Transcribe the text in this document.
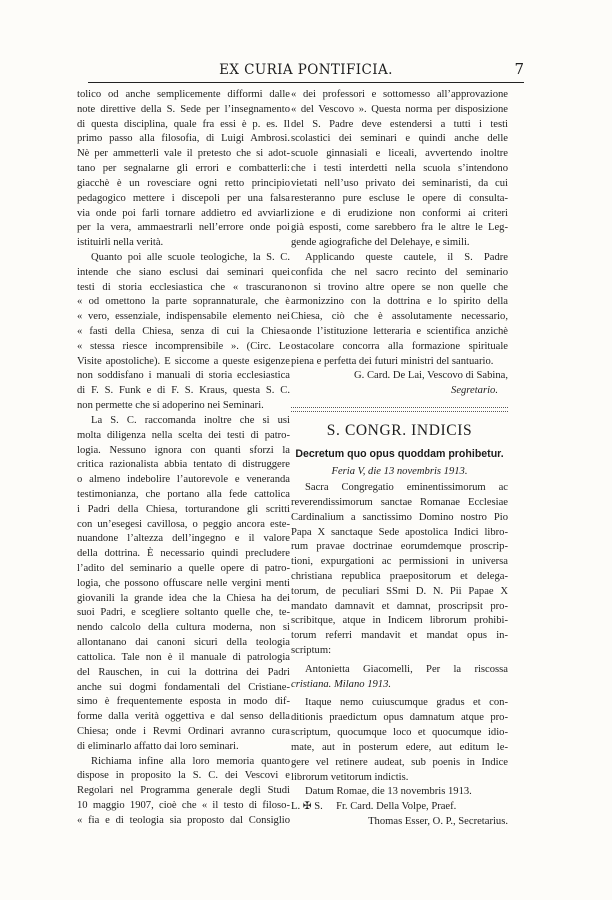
EX CURIA PONTIFICIA.	7
tolico od anche semplicemente difformi dalle
note direttive della S. Sede per l’insegnamento
di questa disciplina, quale fra essi è p. es. Il
primo passo alla filosofia, di Luigi Ambrosi.
Nè per ammetterli vale il pretesto che si adot-
tano per segnalarne gli errori e combatterli:
giacchè è un rovesciare ogni retto principio
pedagogico mettere i discepoli per una falsa
via onde poi farli tornare addietro ed avviarli
per la vera, ammaestrarli nell’errore onde poi
istituirli nella verità.
Quanto poi alle scuole teologiche, la S. C.
intende che siano esclusi dai seminari quei
testi di storia ecclesiastica che « trascurano
« od omettono la parte soprannaturale, che è
« vero, essenziale, indispensabile elemento nei
« fasti della Chiesa, senza di cui la Chiesa
« stessa riesce incomprensibile ». (Circ. Le
Visite apostoliche). E siccome a queste esigenze
non soddisfano i manuali di storia ecclesiastica
di F. S. Funk e di F. S. Kraus, questa S. C.
non permette che si adoperino nei Seminari.
La S. C. raccomanda inoltre che si usi
molta diligenza nella scelta dei testi di patro-
logia. Nessuno ignora con quanti sforzi la
critica razionalista abbia tentato di distruggere
o almeno indebolire l’autorevole e veneranda
testimonianza, che portano alla fede cattolica
i Padri della Chiesa, torturandone gli scritti
con un’esegesi cavillosa, o peggio ancora este-
nuandone l’altezza dell’ingegno e il valore
della dottrina. È necessario quindi precludere
l’adito del seminario a quelle opere di patro-
logia, che possono offuscare nelle vergini menti
giovanili la grande idea che la Chiesa ha dei
suoi Padri, e scegliere soltanto quelle che, te-
nendo calcolo della cultura moderna, non si
allontanano dai canoni sicuri della teologia
cattolica. Tale non è il manuale di patrologia
del Rauschen, in cui la dottrina dei Padri
anche sui dogmi fondamentali del Cristiane-
simo è frequentemente esposta in modo dif-
forme dalla verità oggettiva e dal senso della
Chiesa; onde i Revmi Ordinari avranno cura
di eliminarlo affatto dai loro seminari.
Richiama infine alla loro memoria quanto
dispose in proposito la S. C. dei Vescovi e
Regolari nel Programma generale degli Studi
10 maggio 1907, cioè che « il testo di filoso-
« fia e di teologia sia proposto dal Consiglio
« dei professori e sottomesso all’approvazione
« del Vescovo ». Questa norma per disposizione
del S. Padre deve estendersi a tutti i testi
scolastici dei seminari e quindi anche delle
scuole ginnasiali e liceali, avvertendo inoltre
che i testi interdetti nella scuola s’intendono
vietati nell’uso privato dei seminaristi, da cui
resteranno pure escluse le opere di consulta-
zione e di erudizione non conformi ai criteri
già esposti, come sarebbero fra le altre le Leg-
gende agiografiche del Delehaye, e simili.
Applicando queste cautele, il S. Padre
confida che nel sacro recinto del seminario
non si trovino altre opere se non quelle che
armonizzino con la dottrina e lo spirito della
Chiesa, ciò che è assolutamente necessario,
onde l’istituzione letteraria e scientifica anzichè
ostacolare concorra alla formazione spirituale
piena e perfetta dei futuri ministri del santuario.
G. Card. De Lai, Vescovo di Sabina,
Segretario.
S. CONGR. INDICIS
Decretum quo opus quoddam prohibetur.
Feria V, die 13 novembris 1913.
Sacra Congregatio eminentissimorum ac
reverendissimorum sanctae Romanae Ecclesiae
Cardinalium a sanctissimo Domino nostro Pio
Papa X sanctaque Sede apostolica Indici libro-
rum pravae doctrinae eorumdemque proscrip-
tioni, expurgationi ac permissioni in universa
christiana republica praepositorum et delega-
torum, de peculiari SSmi D. N. Pii Papae X
mandato damnavit et damnat, proscripsit pro-
scribitque, atque in Indicem librorum prohibi-
torum referri mandavit et mandat opus in-
scriptum:
Antonietta Giacomelli, Per la riscossa
cristiana. Milano 1913.
Itaque nemo cuiuscumque gradus et con-
ditionis praedictum opus damnatum atque pro-
scriptum, quocumque loco et quocumque idio-
mate, aut in posterum edere, aut editum le-
gere vel retinere audeat, sub poenis in Indice
librorum vetitorum indictis.
Datum Romae, die 13 novembris 1913.
L. ✠ S.     Fr. Card. Della Volpe, Praef.
Thomas Esser, O. P., Secretarius.
